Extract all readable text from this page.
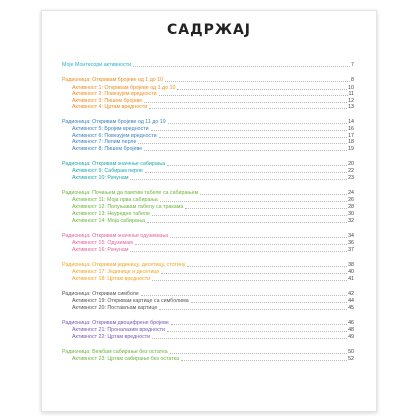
САДРЖАЈ
Моје Монтесори активности	7
Радионица: Откривам бројеве од 1 до 10	8
Активност 1: Откривам бројеве од 1 до 10	10
Активност 2: Повезујем вредности	11
Активност 3: Пишем бројеве	12
Активност 4: Цртам вредности	13
Радионица: Откривам бројеве од 11 до 19	14
Активност 5: Бројим вредности	16
Активност 6: Повезујем вредности	17
Активност 7: Лепим перле	18
Активност 8: Пишем бројеве	19
Радионица: Откривам значење сабирања	20
Активност 9: Сабирам перле	22
Активност 10: Рачунам	23
Радионица: Почињем да памтим табеле са сабирањем	24
Активност 11: Моја прва сабирања	26
Активност 12: Попуњавам табелу са тракама	28
Активност 13: Неуредне табеле	30
Активност 14: Моја сабирања	32
Радионица: Откривам значење одузимања	34
Активност 15: Одузимам	36
Активност 16: Рачунам	37
Радионица: Откривам јединицу, десетицу, стотину	38
Активност 17: Јединице и десетице	40
Активност 18: Цртам вредности	41
Радионица: Откривам симболе	42
Активност 19: Откривам картице са симболима	44
Активност 20: Постављам картице	45
Радионица: Откривам двоцифрене бројеве	46
Активност 21: Проналазим вредности	48
Активност 22: Цртам вредности	49
Радионица: Вежбам сабирање без остатка	50
Активност 23: Цртам сабирање без остатка	52
